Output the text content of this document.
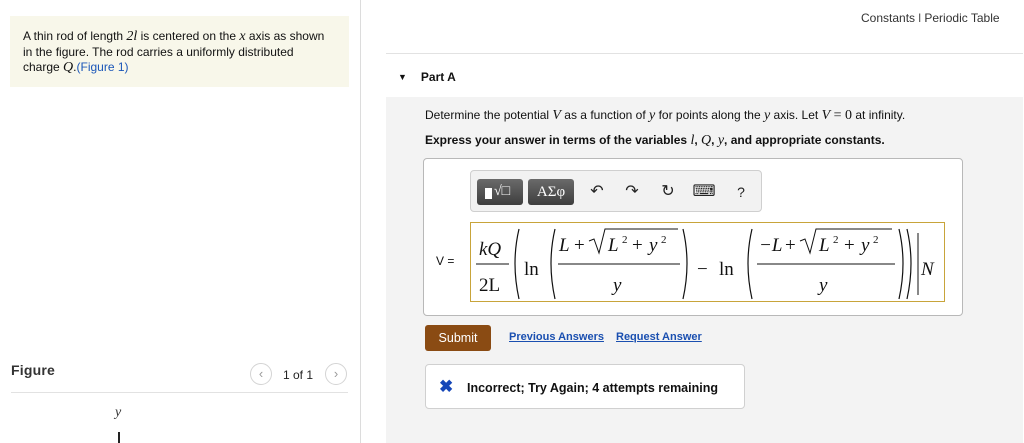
A thin rod of length 2l is centered on the x axis as shown
in the figure. The rod carries a uniformly distributed
charge Q.(Figure 1)
Figure	‹	1 of 1	›
y
Constants I Periodic Table
▼ Part A
Determine the potential V as a function of y for points along the y axis. Let V = 0 at infinity.
Express your answer in terms of the variables l, Q, y, and appropriate constants.
√□	AΣφ	↶	↷	↻	⌨	?
V =
kQ
2L
ln
L + L 2 + y 2
y
− ln
−L + L 2 + y 2
y
N
Submit	Previous Answers Request Answer
✖ Incorrect; Try Again; 4 attempts remaining
